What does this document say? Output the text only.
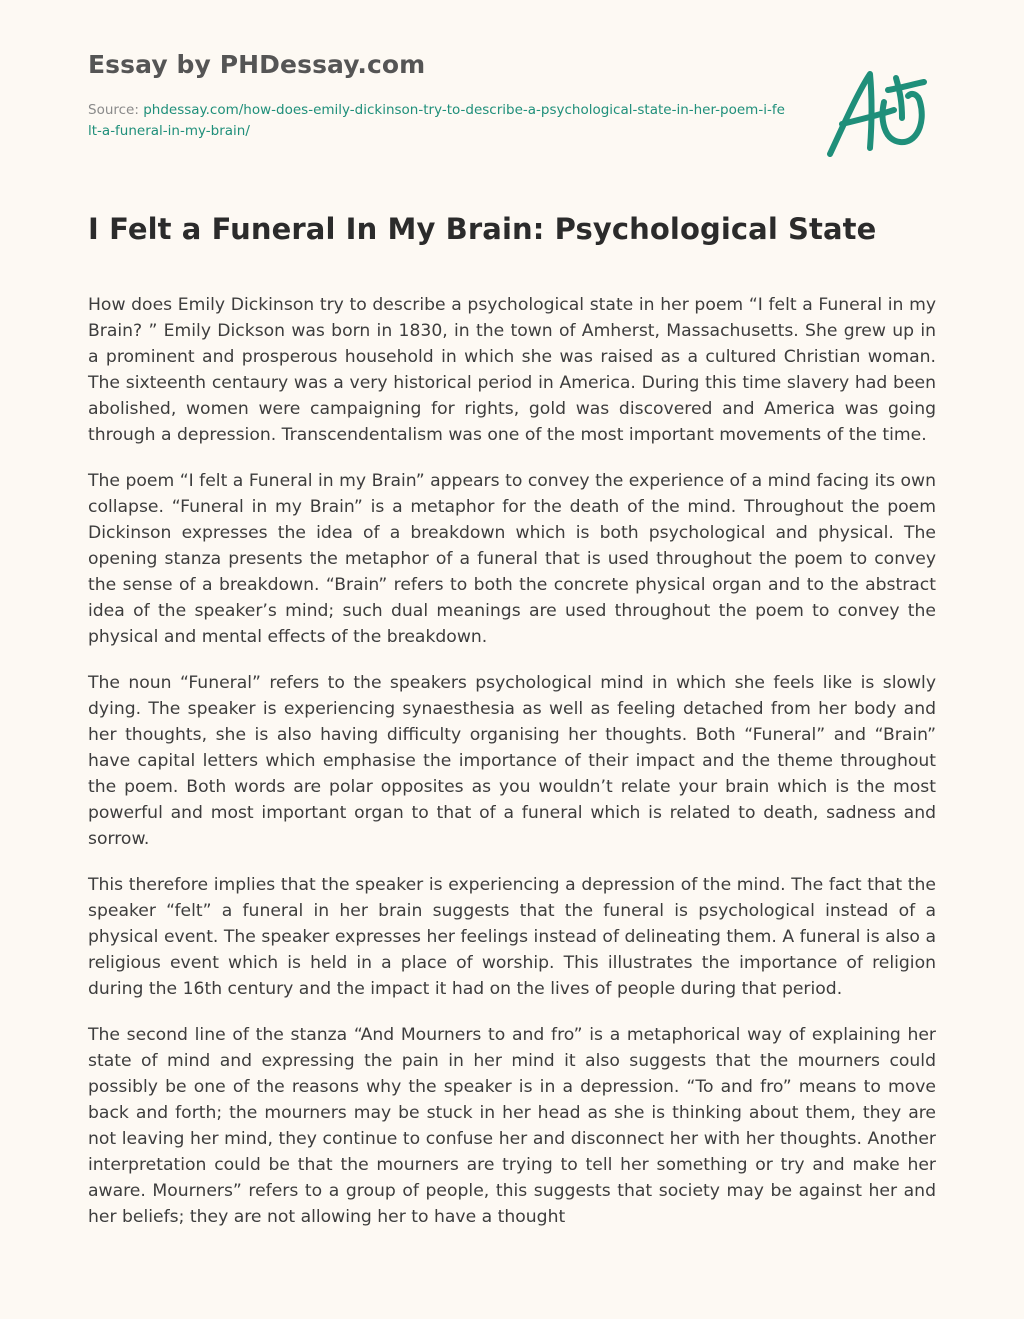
Essay by PHDessay.com
Source: phdessay.com/how-does-emily-dickinson-try-to-describe-a-psychological-state-in-her-poem-i-felt-a-funeral-in-my-brain/
I Felt a Funeral In My Brain: Psychological State

How does Emily Dickinson try to describe a psychological state in her poem “I felt a Funeral in my Brain? ” Emily Dickson was born in 1830, in the town of Amherst, Massachusetts. She grew up in a prominent and prosperous household in which she was raised as a cultured Christian woman. The sixteenth centaury was a very historical period in America. During this time slavery had been abolished, women were campaigning for rights, gold was discovered and America was going through a depression. Transcendentalism was one of the most important movements of the time.

The poem “I felt a Funeral in my Brain” appears to convey the experience of a mind facing its own collapse. “Funeral in my Brain” is a metaphor for the death of the mind. Throughout the poem Dickinson expresses the idea of a breakdown which is both psychological and physical. The opening stanza presents the metaphor of a funeral that is used throughout the poem to convey the sense of a breakdown. “Brain” refers to both the concrete physical organ and to the abstract idea of the speaker’s mind; such dual meanings are used throughout the poem to convey the physical and mental effects of the breakdown.

The noun “Funeral” refers to the speakers psychological mind in which she feels like is slowly dying. The speaker is experiencing synaesthesia as well as feeling detached from her body and her thoughts, she is also having difficulty organising her thoughts. Both “Funeral” and “Brain” have capital letters which emphasise the importance of their impact and the theme throughout the poem. Both words are polar opposites as you wouldn’t relate your brain which is the most powerful and most important organ to that of a funeral which is related to death, sadness and sorrow.

This therefore implies that the speaker is experiencing a depression of the mind. The fact that the speaker “felt” a funeral in her brain suggests that the funeral is psychological instead of a physical event. The speaker expresses her feelings instead of delineating them. A funeral is also a religious event which is held in a place of worship. This illustrates the importance of religion during the 16th century and the impact it had on the lives of people during that period.

The second line of the stanza “And Mourners to and fro” is a metaphorical way of explaining her state of mind and expressing the pain in her mind it also suggests that the mourners could possibly be one of the reasons why the speaker is in a depression. “To and fro” means to move back and forth; the mourners may be stuck in her head as she is thinking about them, they are not leaving her mind, they continue to confuse her and disconnect her with her thoughts. Another interpretation could be that the mourners are trying to tell her something or try and make her aware. Mourners” refers to a group of people, this suggests that society may be against her and her beliefs; they are not allowing her to have a thought
